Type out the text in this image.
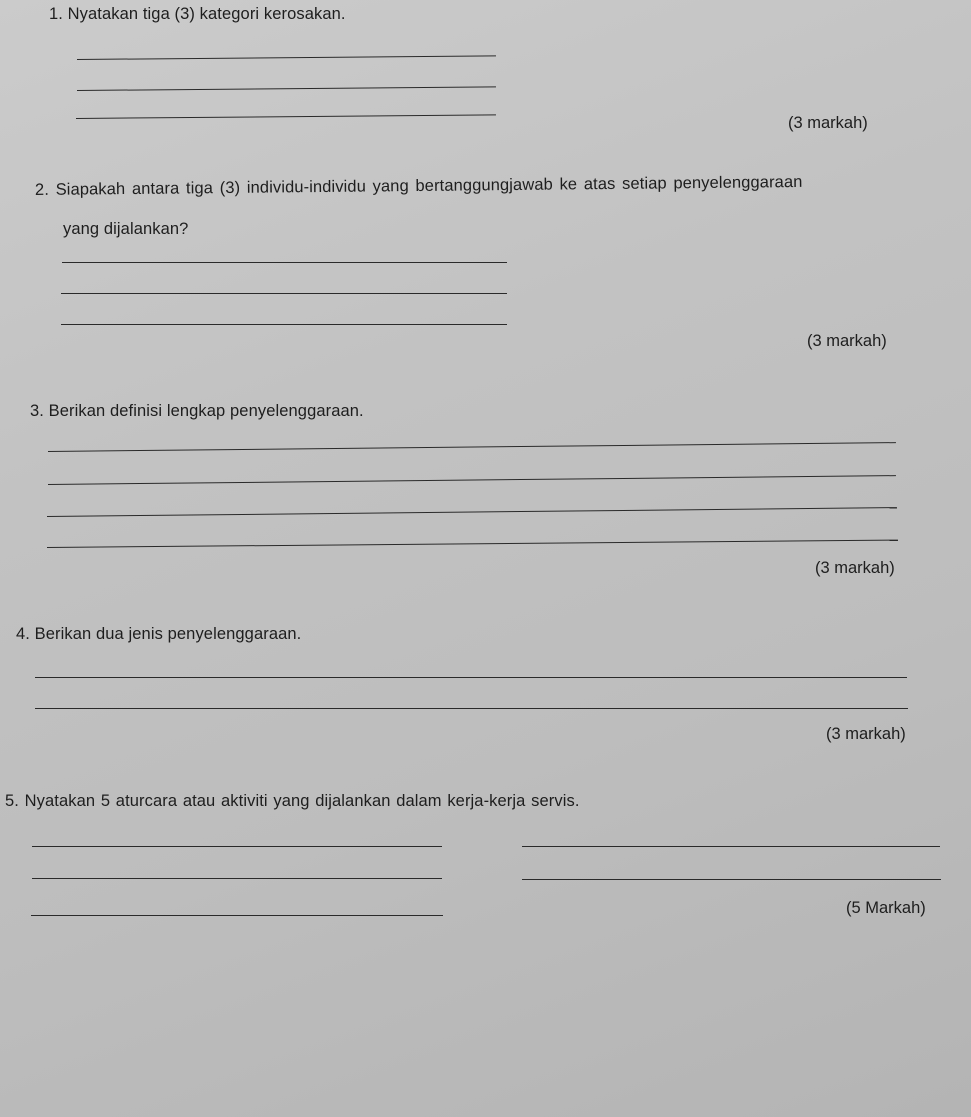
1. Nyatakan tiga (3) kategori kerosakan.
(3 markah)
2. Siapakah antara tiga (3) individu-individu yang bertanggungjawab ke atas setiap penyelenggaraan
yang dijalankan?
(3 markah)
3. Berikan definisi lengkap penyelenggaraan.
(3 markah)
4. Berikan dua jenis penyelenggaraan.
(3 markah)
5. Nyatakan 5 aturcara atau aktiviti yang dijalankan dalam kerja-kerja servis.
(5 Markah)
